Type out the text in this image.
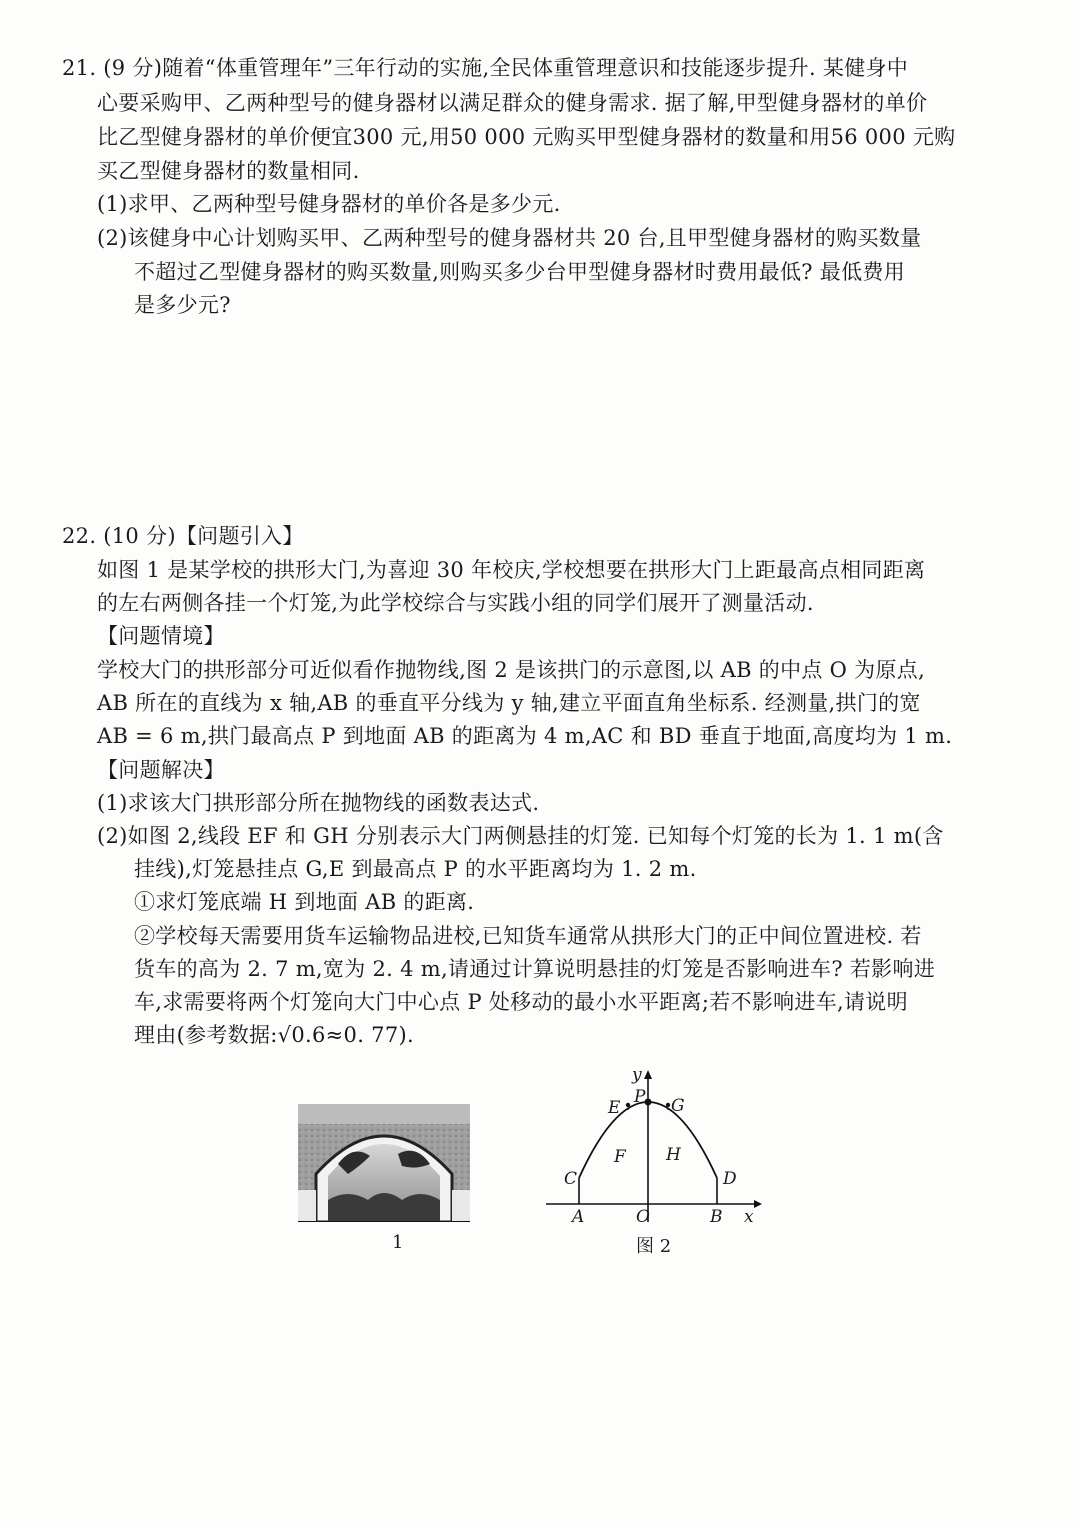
21. (9 分)随着“体重管理年”三年行动的实施,全民体重管理意识和技能逐步提升. 某健身中
心要采购甲、乙两种型号的健身器材以满足群众的健身需求. 据了解,甲型健身器材的单价
比乙型健身器材的单价便宜300 元,用50 000 元购买甲型健身器材的数量和用56 000 元购
买乙型健身器材的数量相同.
(1)求甲、乙两种型号健身器材的单价各是多少元.
(2)该健身中心计划购买甲、乙两种型号的健身器材共 20 台,且甲型健身器材的购买数量
不超过乙型健身器材的购买数量,则购买多少台甲型健身器材时费用最低? 最低费用
是多少元?
22. (10 分)【问题引入】
如图 1 是某学校的拱形大门,为喜迎 30 年校庆,学校想要在拱形大门上距最高点相同距离
的左右两侧各挂一个灯笼,为此学校综合与实践小组的同学们展开了测量活动.
【问题情境】
学校大门的拱形部分可近似看作抛物线,图 2 是该拱门的示意图,以 AB 的中点 O 为原点,
AB 所在的直线为 x 轴,AB 的垂直平分线为 y 轴,建立平面直角坐标系. 经测量,拱门的宽
AB = 6 m,拱门最高点 P 到地面 AB 的距离为 4 m,AC 和 BD 垂直于地面,高度均为 1 m.
【问题解决】
(1)求该大门拱形部分所在抛物线的函数表达式.
(2)如图 2,线段 EF 和 GH 分别表示大门两侧悬挂的灯笼. 已知每个灯笼的长为 1. 1 m(含
挂线),灯笼悬挂点 G,E 到最高点 P 的水平距离均为 1. 2 m.
①求灯笼底端 H 到地面 AB 的距离.
②学校每天需要用货车运输物品进校,已知货车通常从拱形大门的正中间位置进校. 若
货车的高为 2. 7 m,宽为 2. 4 m,请通过计算说明悬挂的灯笼是否影响进车? 若影响进
车,求需要将两个灯笼向大门中心点 P 处移动的最小水平距离;若不影响进车,请说明
理由(参考数据:√0.6≈0. 77).
1
y
x
P
E	G
F H
C	D
A	O	B
图 2
